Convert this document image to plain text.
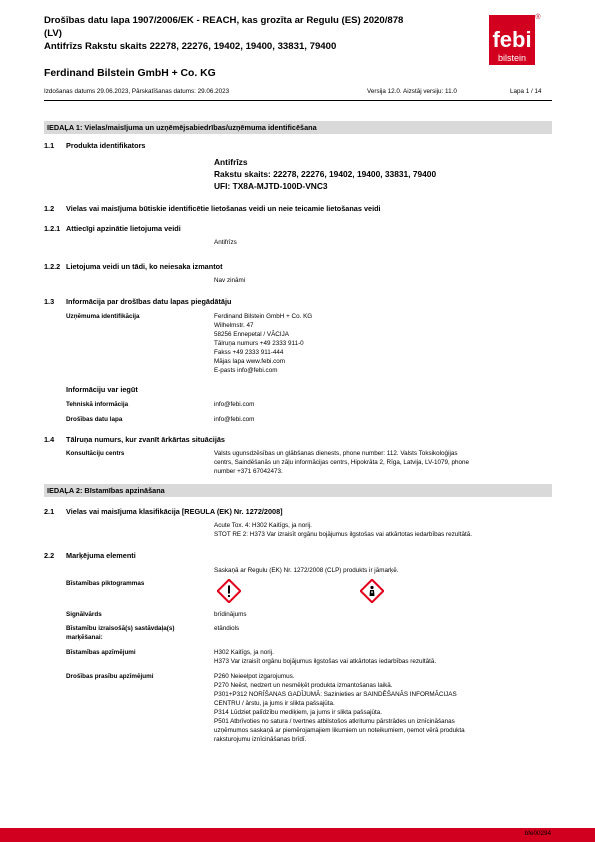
Drošības datu lapa 1907/2006/EK - REACH, kas grozīta ar Regulu (ES) 2020/878
(LV)
Antifrīzs Rakstu skaits 22278, 22276, 19402, 19400, 33831, 79400	febi
bilstein
®
Ferdinand Bilstein GmbH + Co. KG
Izdošanas datums 29.06.2023, Pārskatīšanas datums: 29.06.2023	Versija 12.0. Aizstāj versiju: 11.0	Lapa 1 / 14
IEDAĻA 1: Vielas/maisījuma un uzņēmējsabiedrības/uzņēmuma identificēšana
1.1 Produkta identifikators
Antifrīzs
Rakstu skaits: 22278, 22276, 19402, 19400, 33831, 79400
UFI: TX8A-MJTD-100D-VNC3
1.2 Vielas vai maisījuma būtiskie identificētie lietošanas veidi un neie teicamie lietošanas veidi
1.2.1 Attiecīgi apzinātie lietojuma veidi
Antifrīzs
1.2.2 Lietojuma veidi un tādi, ko neiesaka izmantot
Nav zināmi
1.3 Informācija par drošības datu lapas piegādātāju
Uzņēmuma identifikācija	Ferdinand Bilstein GmbH + Co. KG
Wilhelmstr. 47
58256 Ennepetal / VĀCIJA
Tālruņa numurs +49 2333 911-0
Fakss +49 2333 911-444
Mājas lapa www.febi.com
E-pasts info@febi.com
Informāciju var iegūt
Tehniskā informācija	info@febi.com
Drošības datu lapa	info@febi.com
1.4 Tālruņa numurs, kur zvanīt ārkārtas situācijās
Konsultāciju centrs	Valsts ugunsdzēsības un glābšanas dienests, phone number: 112. Valsts Toksikoloģijas
centrs, Saindēšanās un zāļu informācijas centrs, Hipokrāta 2, Rīga, Latvija, LV-1079, phone
number +371 67042473.
IEDAĻA 2: Bīstamības apzināšana
2.1 Vielas vai maisījuma klasifikācija [REGULA (EK) Nr. 1272/2008]
Acute Tox. 4: H302 Kaitīgs, ja norij.
STOT RE 2: H373 Var izraisīt orgānu bojājumus ilgstošas vai atkārtotas iedarbības rezultātā.
2.2 Marķējuma elementi
Saskaņā ar Regulu (EK) Nr. 1272/2008 (CLP) produkts ir jāmarķē.
Bīstamības piktogrammas
Signālvārds	brīdinājums
Bīstamību izraisošā(s) sastāvdaļa(s)
marķēšanai:
etāndiols
Bīstamības apzīmējumi	H302 Kaitīgs, ja norij.
H373 Var izraisīt orgānu bojājumus ilgstošas vai atkārtotas iedarbības rezultātā.
Drošības prasību apzīmējumi	P260 Neieelpot izgarojumus.
P270 Neēst, nedzert un nesmēķēt produkta izmantošanas laikā.
P301+P312 NORĪŠANAS GADĪJUMĀ: Sazinieties ar SAINDĒŠANĀS INFORMĀCIJAS
CENTRU / ārstu, ja jums ir slikta pašsajūta.
P314 Lūdziet palīdzību mediķiem, ja jums ir slikta pašsajūta.
P501 Atbrīvoties no satura / tvertnes atbilstošos atkritumu pārstrādes un iznīcināšanas
uzņēmumos saskaņā ar piemērojamajiem likumiem un noteikumiem, ņemot vērā produkta
raksturojumu iznīcināšanas brīdī.
bfe00294
